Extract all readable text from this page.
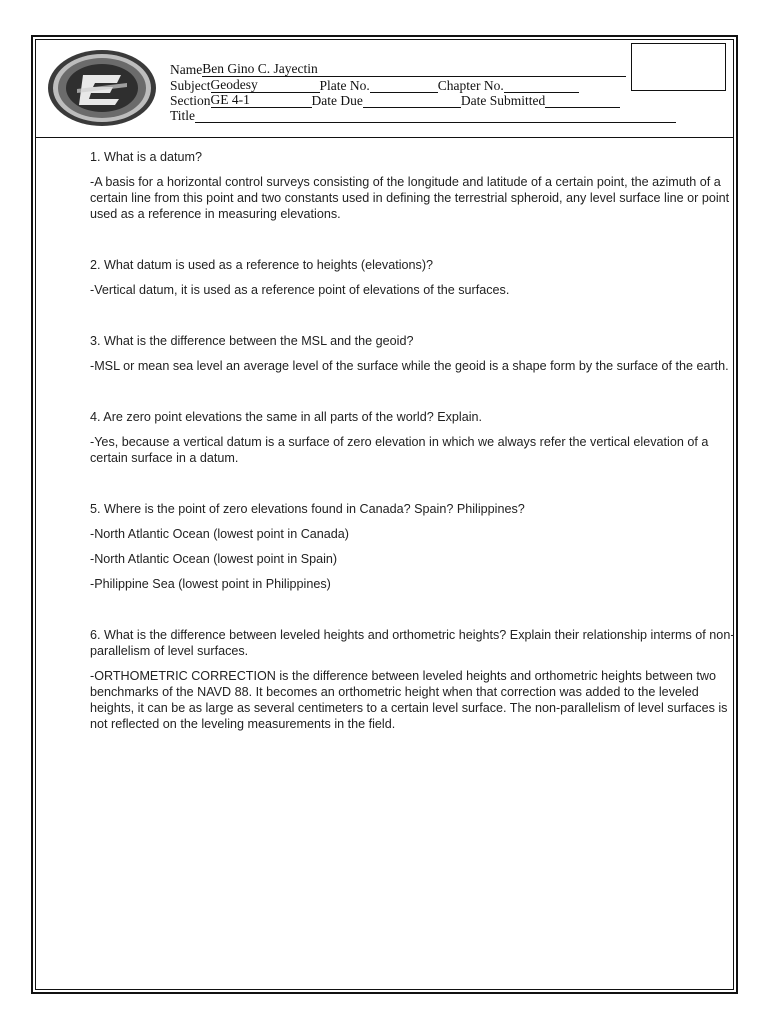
NameBen Gino C. Jayectin
SubjectGeodesy	Plate No.	Chapter No.
SectionGE 4-1	Date Due	Date Submitted
Title

1. What is a datum?

-A basis for a horizontal control surveys consisting of the longitude and latitude of a certain point, the azimuth of a certain line from this point and two constants used in defining the terrestrial spheroid, any level surface line or point used as a reference in measuring elevations.

2. What datum is used as a reference to heights (elevations)?

-Vertical datum, it is used as a reference point of elevations of the surfaces.

3. What is the difference between the MSL and the geoid?

-MSL or mean sea level an average level of the surface while the geoid is a shape form by the surface of the earth.

4. Are zero point elevations the same in all parts of the world? Explain.

-Yes, because a vertical datum is a surface of zero elevation in which we always refer the vertical elevation of a certain surface in a datum.

5. Where is the point of zero elevations found in Canada? Spain? Philippines?

-North Atlantic Ocean (lowest point in Canada)

-North Atlantic Ocean (lowest point in Spain)

-Philippine Sea (lowest point in Philippines)

6. What is the difference between leveled heights and orthometric heights? Explain their relationship interms of non-parallelism of level surfaces.

-ORTHOMETRIC CORRECTION is the difference between leveled heights and orthometric heights between two benchmarks of the NAVD 88. It becomes an orthometric height when that correction was added to the leveled heights, it can be as large as several centimeters to a certain level surface. The non-parallelism of level surfaces is not reflected on the leveling measurements in the field.
